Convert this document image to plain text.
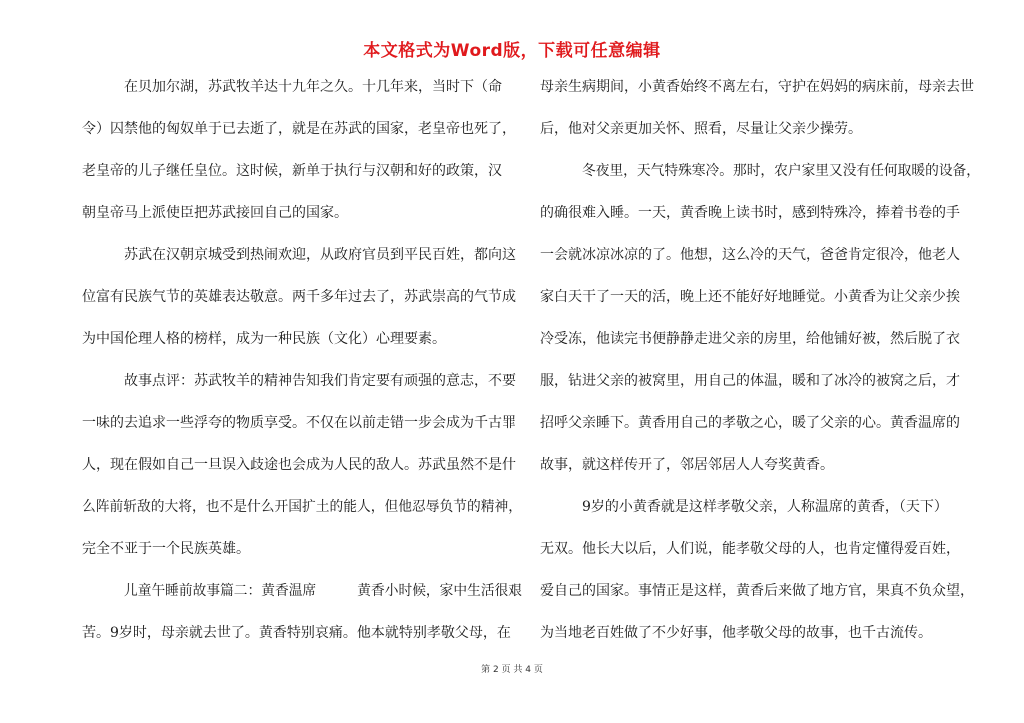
本文格式为Word版，下载可任意编辑
在贝加尔湖，苏武牧羊达十九年之久。十几年来，当时下（命
令）囚禁他的匈奴单于已去逝了，就是在苏武的国家，老皇帝也死了，
老皇帝的儿子继任皇位。这时候，新单于执行与汉朝和好的政策，汉
朝皇帝马上派使臣把苏武接回自己的国家。
苏武在汉朝京城受到热闹欢迎，从政府官员到平民百姓，都向这
位富有民族气节的英雄表达敬意。两千多年过去了，苏武崇高的气节成
为中国伦理人格的榜样，成为一种民族（文化）心理要素。
故事点评：苏武牧羊的精神告知我们肯定要有顽强的意志，不要
一味的去追求一些浮夸的物质享受。不仅在以前走错一步会成为千古罪
人，现在假如自己一旦误入歧途也会成为人民的敌人。苏武虽然不是什
么阵前斩敌的大将，也不是什么开国扩土的能人，但他忍辱负节的精神，
完全不亚于一个民族英雄。
儿童午睡前故事篇二：黄香温席　　　黄香小时候，家中生活很艰
苦。9岁时，母亲就去世了。黄香特别哀痛。他本就特别孝敬父母，在
母亲生病期间，小黄香始终不离左右，守护在妈妈的病床前，母亲去世
后，他对父亲更加关怀、照看，尽量让父亲少操劳。
冬夜里，天气特殊寒冷。那时，农户家里又没有任何取暖的设备，
的确很难入睡。一天，黄香晚上读书时，感到特殊冷，捧着书卷的手
一会就冰凉冰凉的了。他想，这么冷的天气，爸爸肯定很冷，他老人
家白天干了一天的活，晚上还不能好好地睡觉。小黄香为让父亲少挨
冷受冻，他读完书便静静走进父亲的房里，给他铺好被，然后脱了衣
服，钻进父亲的被窝里，用自己的体温，暖和了冰冷的被窝之后，才
招呼父亲睡下。黄香用自己的孝敬之心，暖了父亲的心。黄香温席的
故事，就这样传开了，邻居邻居人人夸奖黄香。
9岁的小黄香就是这样孝敬父亲，人称温席的黄香，（天下）
无双。他长大以后，人们说，能孝敬父母的人，也肯定懂得爱百姓，
爱自己的国家。事情正是这样，黄香后来做了地方官，果真不负众望，
为当地老百姓做了不少好事，他孝敬父母的故事，也千古流传。
第 2 页 共 4 页
